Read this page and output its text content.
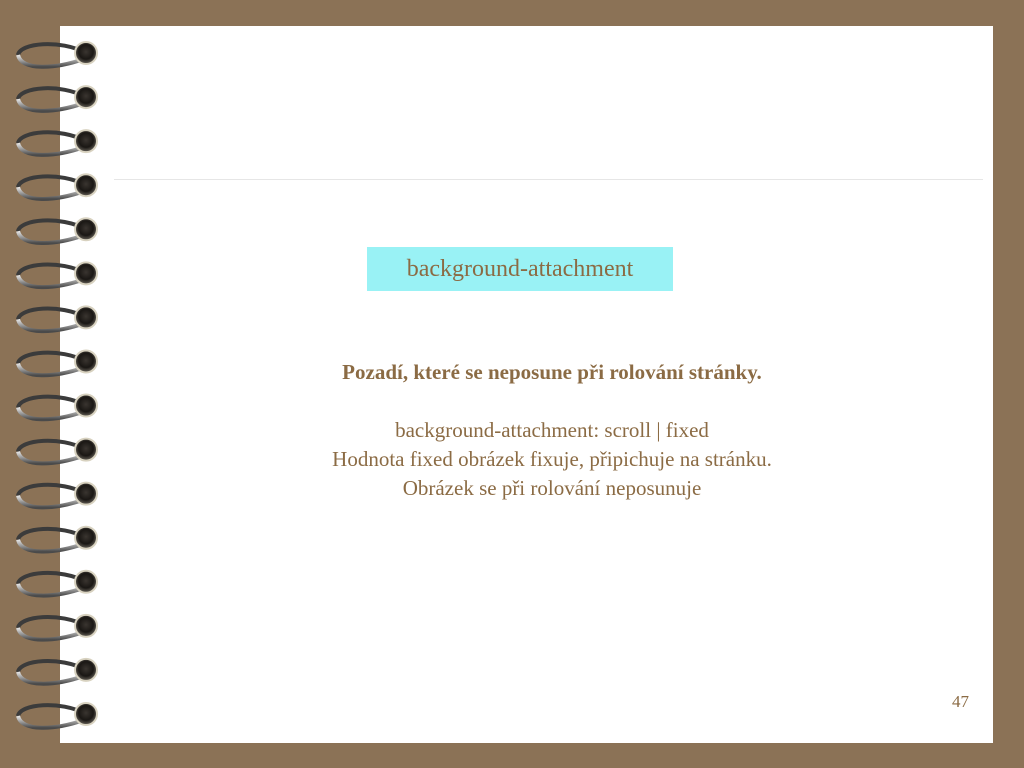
background-attachment
Pozadí, které se neposune při rolování stránky.
background-attachment: scroll | fixed
Hodnota fixed obrázek fixuje, připichuje na stránku.
Obrázek se při rolování neposunuje
47
